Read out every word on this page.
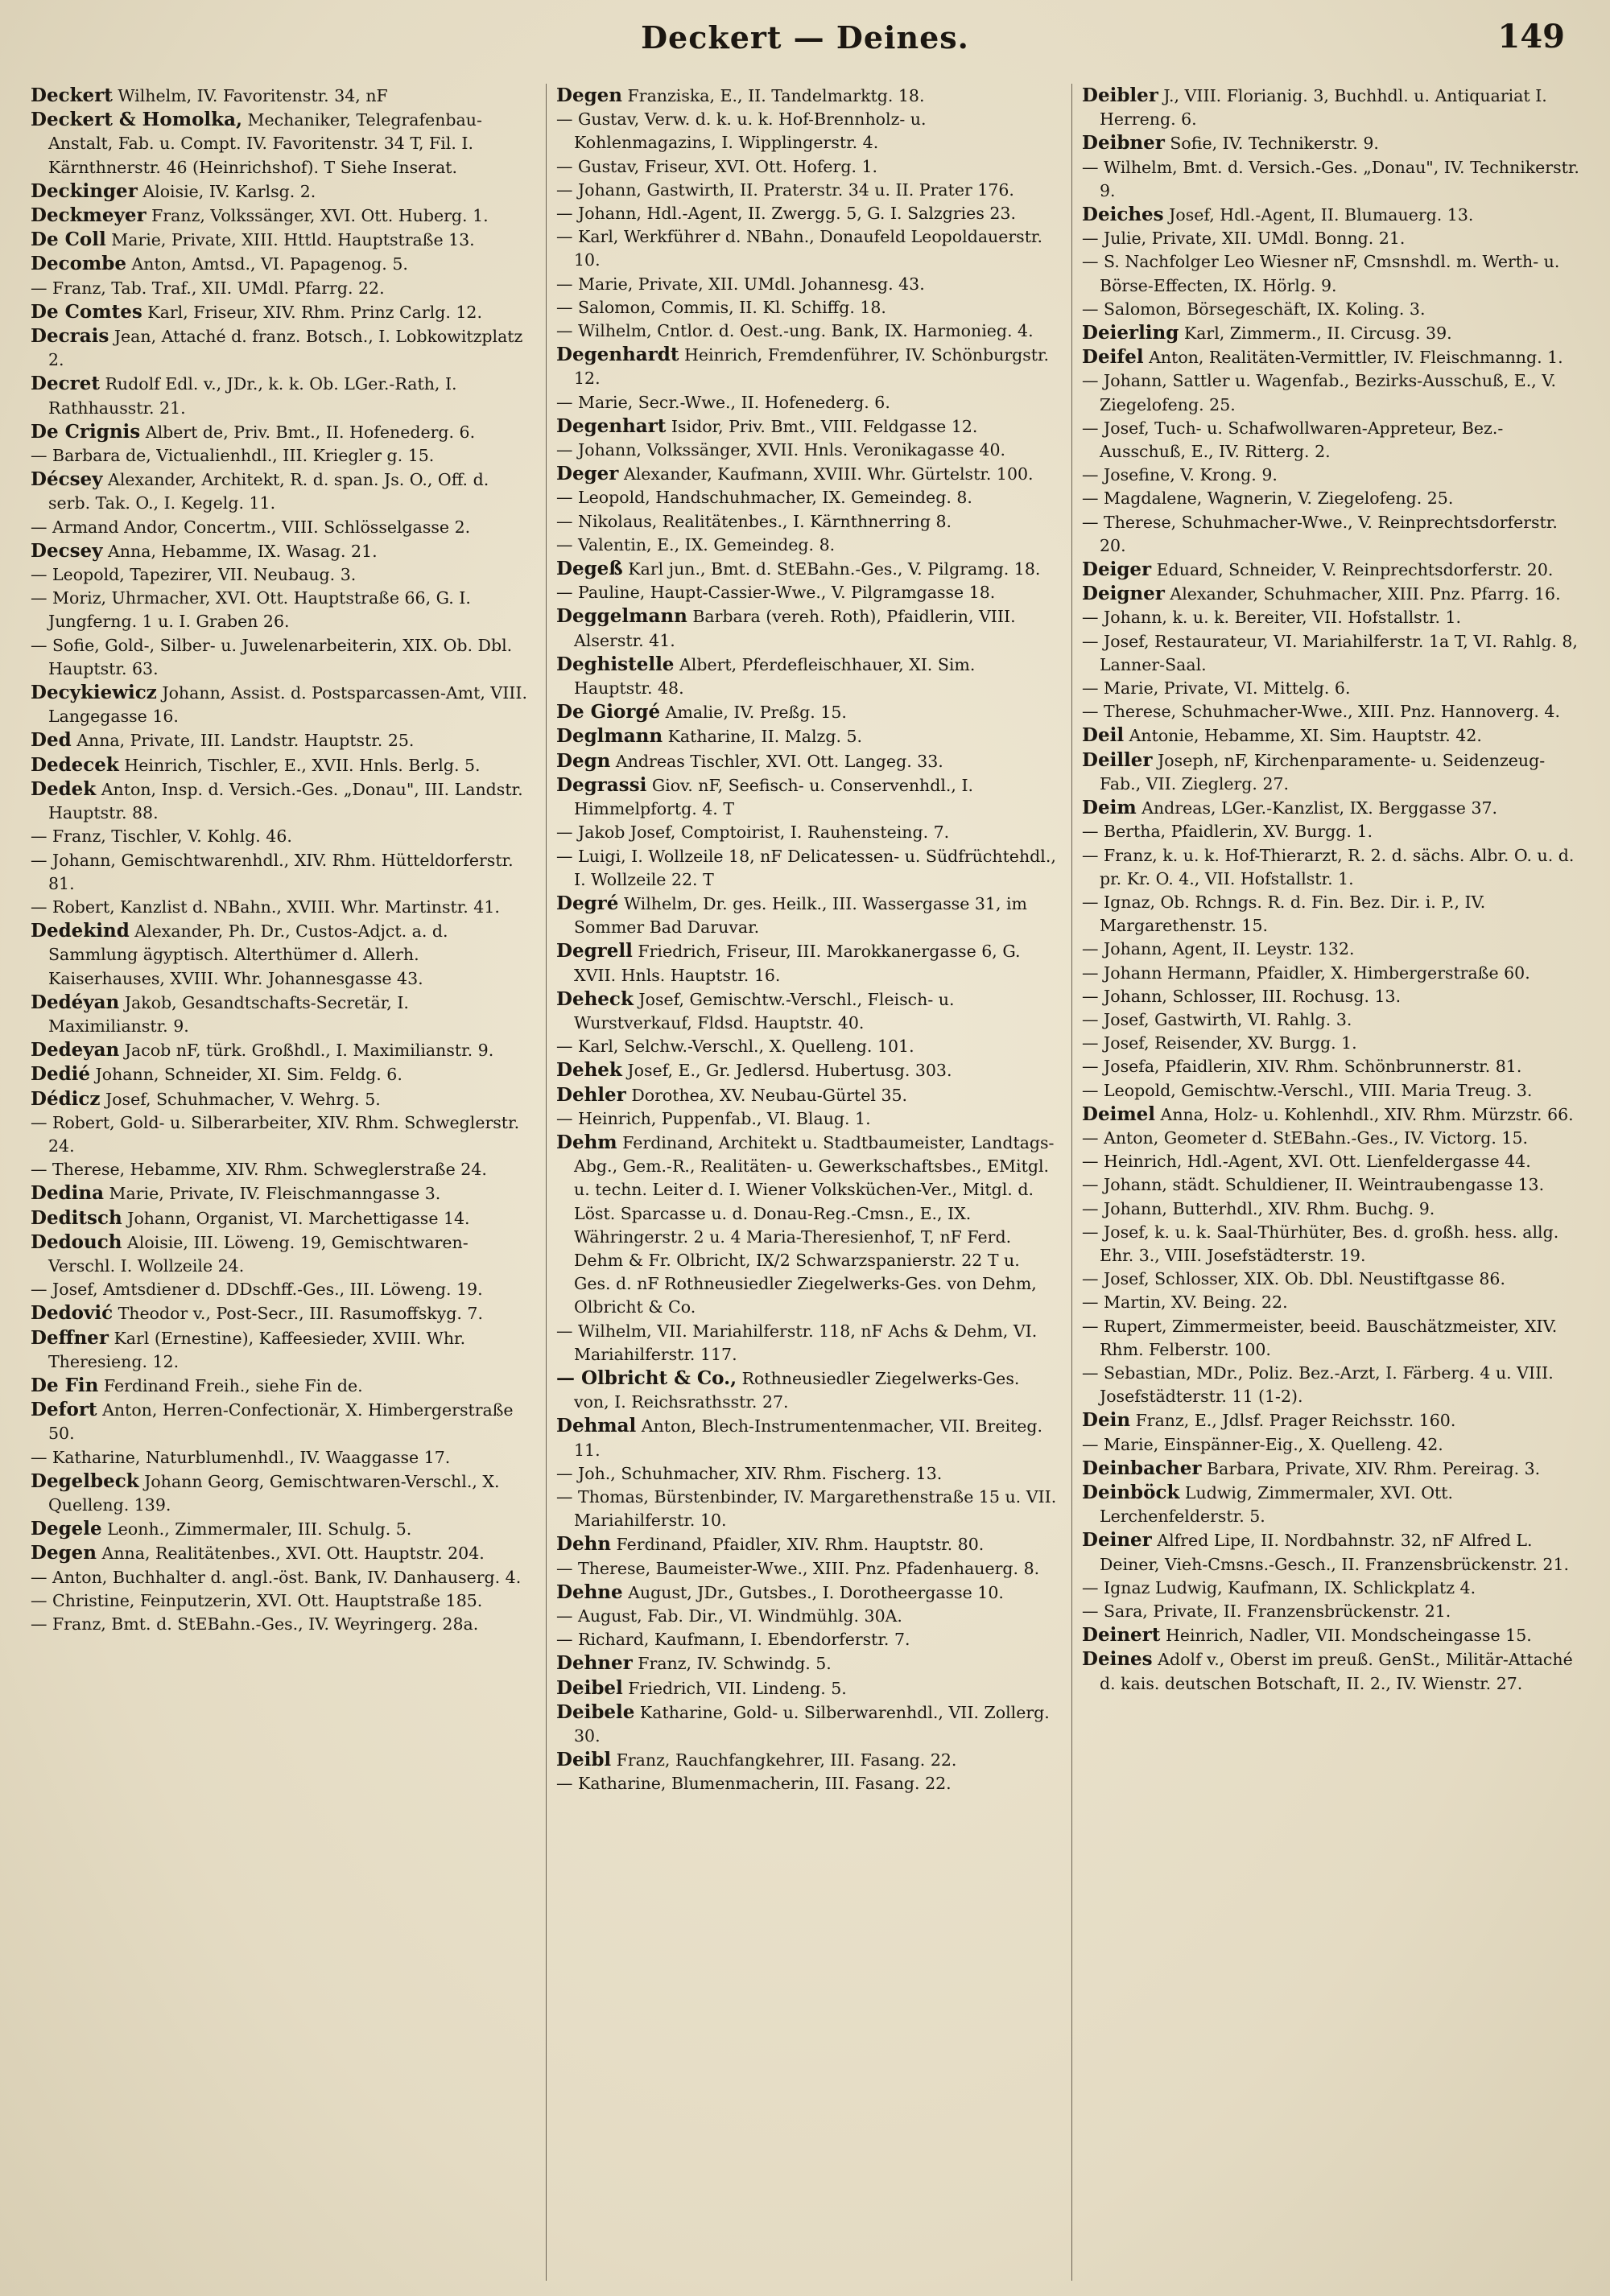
Deckert — Deines.	149

Deckert Wilhelm, IV. Favoritenstr. 34, nF

Deckert & Homolka, Mechaniker, Telegrafenbau-Anstalt, Fab. u. Compt. IV. Favoritenstr. 34 T, Fil. I. Kärnthnerstr. 46 (Heinrichshof). T Siehe Inserat.

Deckinger Aloisie, IV. Karlsg. 2.

Deckmeyer Franz, Volkssänger, XVI. Ott. Huberg. 1.

De Coll Marie, Private, XIII. Httld. Hauptstraße 13.

Decombe Anton, Amtsd., VI. Papagenog. 5.

— Franz, Tab. Traf., XII. UMdl. Pfarrg. 22.

De Comtes Karl, Friseur, XIV. Rhm. Prinz Carlg. 12.

Decrais Jean, Attaché d. franz. Botsch., I. Lobkowitzplatz 2.

Decret Rudolf Edl. v., JDr., k. k. Ob. LGer.-Rath, I. Rathhausstr. 21.

De Crignis Albert de, Priv. Bmt., II. Hofenederg. 6.

— Barbara de, Victualienhdl., III. Kriegler g. 15.

Décsey Alexander, Architekt, R. d. span. Js. O., Off. d. serb. Tak. O., I. Kegelg. 11.

— Armand Andor, Concertm., VIII. Schlösselgasse 2.

Decsey Anna, Hebamme, IX. Wasag. 21.

— Leopold, Tapezirer, VII. Neubaug. 3.

— Moriz, Uhrmacher, XVI. Ott. Hauptstraße 66, G. I. Jungferng. 1 u. I. Graben 26.

— Sofie, Gold-, Silber- u. Juwelenarbeiterin, XIX. Ob. Dbl. Hauptstr. 63.

Decykiewicz Johann, Assist. d. Postsparcassen-Amt, VIII. Langegasse 16.

Ded Anna, Private, III. Landstr. Hauptstr. 25.

Dedecek Heinrich, Tischler, E., XVII. Hnls. Berlg. 5.

Dedek Anton, Insp. d. Versich.-Ges. „Donau", III. Landstr. Hauptstr. 88.

— Franz, Tischler, V. Kohlg. 46.

— Johann, Gemischtwarenhdl., XIV. Rhm. Hütteldorferstr. 81.

— Robert, Kanzlist d. NBahn., XVIII. Whr. Martinstr. 41.

Dedekind Alexander, Ph. Dr., Custos-Adjct. a. d. Sammlung ägyptisch. Alterthümer d. Allerh. Kaiserhauses, XVIII. Whr. Johannesgasse 43.

Dedéyan Jakob, Gesandtschafts-Secretär, I. Maximilianstr. 9.

Dedeyan Jacob nF, türk. Großhdl., I. Maximilianstr. 9.

Dedié Johann, Schneider, XI. Sim. Feldg. 6.

Dédicz Josef, Schuhmacher, V. Wehrg. 5.

— Robert, Gold- u. Silberarbeiter, XIV. Rhm. Schweglerstr. 24.

— Therese, Hebamme, XIV. Rhm. Schweglerstraße 24.

Dedina Marie, Private, IV. Fleischmanngasse 3.

Deditsch Johann, Organist, VI. Marchettigasse 14.

Dedouch Aloisie, III. Löweng. 19, Gemischtwaren-Verschl. I. Wollzeile 24.

— Josef, Amtsdiener d. DDschff.-Ges., III. Löweng. 19.

Dedović Theodor v., Post-Secr., III. Rasumoffskyg. 7.

Deffner Karl (Ernestine), Kaffeesieder, XVIII. Whr. Theresieng. 12.

De Fin Ferdinand Freih., siehe Fin de.

Defort Anton, Herren-Confectionär, X. Himbergerstraße 50.

— Katharine, Naturblumenhdl., IV. Waaggasse 17.

Degelbeck Johann Georg, Gemischtwaren-Verschl., X. Quelleng. 139.

Degele Leonh., Zimmermaler, III. Schulg. 5.

Degen Anna, Realitätenbes., XVI. Ott. Hauptstr. 204.

— Anton, Buchhalter d. angl.-öst. Bank, IV. Danhauserg. 4.

— Christine, Feinputzerin, XVI. Ott. Hauptstraße 185.

— Franz, Bmt. d. StEBahn.-Ges., IV. Weyringerg. 28a.

Degen Franziska, E., II. Tandelmarktg. 18.

— Gustav, Verw. d. k. u. k. Hof-Brennholz- u. Kohlenmagazins, I. Wipplingerstr. 4.

— Gustav, Friseur, XVI. Ott. Hoferg. 1.

— Johann, Gastwirth, II. Praterstr. 34 u. II. Prater 176.

— Johann, Hdl.-Agent, II. Zwergg. 5, G. I. Salzgries 23.

— Karl, Werkführer d. NBahn., Donaufeld Leopoldauerstr. 10.

— Marie, Private, XII. UMdl. Johannesg. 43.

— Salomon, Commis, II. Kl. Schiffg. 18.

— Wilhelm, Cntlor. d. Oest.-ung. Bank, IX. Harmonieg. 4.

Degenhardt Heinrich, Fremdenführer, IV. Schönburgstr. 12.

— Marie, Secr.-Wwe., II. Hofenederg. 6.

Degenhart Isidor, Priv. Bmt., VIII. Feldgasse 12.

— Johann, Volkssänger, XVII. Hnls. Veronikagasse 40.

Deger Alexander, Kaufmann, XVIII. Whr. Gürtelstr. 100.

— Leopold, Handschuhmacher, IX. Gemeindeg. 8.

— Nikolaus, Realitätenbes., I. Kärnthnerring 8.

— Valentin, E., IX. Gemeindeg. 8.

Degeß Karl jun., Bmt. d. StEBahn.-Ges., V. Pilgramg. 18.

— Pauline, Haupt-Cassier-Wwe., V. Pilgramgasse 18.

Deggelmann Barbara (vereh. Roth), Pfaidlerin, VIII. Alserstr. 41.

Deghistelle Albert, Pferdefleischhauer, XI. Sim. Hauptstr. 48.

De Giorgé Amalie, IV. Preßg. 15.

Deglmann Katharine, II. Malzg. 5.

Degn Andreas Tischler, XVI. Ott. Langeg. 33.

Degrassi Giov. nF, Seefisch- u. Conservenhdl., I. Himmelpfortg. 4. T

— Jakob Josef, Comptoirist, I. Rauhensteing. 7.

— Luigi, I. Wollzeile 18, nF Delicatessen- u. Südfrüchtehdl., I. Wollzeile 22. T

Degré Wilhelm, Dr. ges. Heilk., III. Wassergasse 31, im Sommer Bad Daruvar.

Degrell Friedrich, Friseur, III. Marokkanergasse 6, G. XVII. Hnls. Hauptstr. 16.

Deheck Josef, Gemischtw.-Verschl., Fleisch- u. Wurstverkauf, Fldsd. Hauptstr. 40.

— Karl, Selchw.-Verschl., X. Quelleng. 101.

Dehek Josef, E., Gr. Jedlersd. Hubertusg. 303.

Dehler Dorothea, XV. Neubau-Gürtel 35.

— Heinrich, Puppenfab., VI. Blaug. 1.

Dehm Ferdinand, Architekt u. Stadtbaumeister, Landtags-Abg., Gem.-R., Realitäten- u. Gewerkschaftsbes., EMitgl. u. techn. Leiter d. I. Wiener Volksküchen-Ver., Mitgl. d. Löst. Sparcasse u. d. Donau-Reg.-Cmsn., E., IX. Währingerstr. 2 u. 4 Maria-Theresienhof, T, nF Ferd. Dehm & Fr. Olbricht, IX/2 Schwarzspanierstr. 22 T u. Ges. d. nF Rothneusiedler Ziegelwerks-Ges. von Dehm, Olbricht & Co.

— Wilhelm, VII. Mariahilferstr. 118, nF Achs & Dehm, VI. Mariahilferstr. 117.

— Olbricht & Co., Rothneusiedler Ziegelwerks-Ges. von, I. Reichsrathsstr. 27.

Dehmal Anton, Blech-Instrumentenmacher, VII. Breiteg. 11.

— Joh., Schuhmacher, XIV. Rhm. Fischerg. 13.

— Thomas, Bürstenbinder, IV. Margarethenstraße 15 u. VII. Mariahilferstr. 10.

Dehn Ferdinand, Pfaidler, XIV. Rhm. Hauptstr. 80.

— Therese, Baumeister-Wwe., XIII. Pnz. Pfadenhauerg. 8.

Dehne August, JDr., Gutsbes., I. Dorotheergasse 10.

— August, Fab. Dir., VI. Windmühlg. 30A.

— Richard, Kaufmann, I. Ebendorferstr. 7.

Dehner Franz, IV. Schwindg. 5.

Deibel Friedrich, VII. Lindeng. 5.

Deibele Katharine, Gold- u. Silberwarenhdl., VII. Zollerg. 30.

Deibl Franz, Rauchfangkehrer, III. Fasang. 22.

— Katharine, Blumenmacherin, III. Fasang. 22.

Deibler J., VIII. Florianig. 3, Buchhdl. u. Antiquariat I. Herreng. 6.

Deibner Sofie, IV. Technikerstr. 9.

— Wilhelm, Bmt. d. Versich.-Ges. „Donau", IV. Technikerstr. 9.

Deiches Josef, Hdl.-Agent, II. Blumauerg. 13.

— Julie, Private, XII. UMdl. Bonng. 21.

— S. Nachfolger Leo Wiesner nF, Cmsnshdl. m. Werth- u. Börse-Effecten, IX. Hörlg. 9.

— Salomon, Börsegeschäft, IX. Koling. 3.

Deierling Karl, Zimmerm., II. Circusg. 39.

Deifel Anton, Realitäten-Vermittler, IV. Fleischmanng. 1.

— Johann, Sattler u. Wagenfab., Bezirks-Ausschuß, E., V. Ziegelofeng. 25.

— Josef, Tuch- u. Schafwollwaren-Appreteur, Bez.-Ausschuß, E., IV. Ritterg. 2.

— Josefine, V. Krong. 9.

— Magdalene, Wagnerin, V. Ziegelofeng. 25.

— Therese, Schuhmacher-Wwe., V. Reinprechtsdorferstr. 20.

Deiger Eduard, Schneider, V. Reinprechtsdorferstr. 20.

Deigner Alexander, Schuhmacher, XIII. Pnz. Pfarrg. 16.

— Johann, k. u. k. Bereiter, VII. Hofstallstr. 1.

— Josef, Restaurateur, VI. Mariahilferstr. 1a T, VI. Rahlg. 8, Lanner-Saal.

— Marie, Private, VI. Mittelg. 6.

— Therese, Schuhmacher-Wwe., XIII. Pnz. Hannoverg. 4.

Deil Antonie, Hebamme, XI. Sim. Hauptstr. 42.

Deiller Joseph, nF, Kirchenparamente- u. Seidenzeug-Fab., VII. Zieglerg. 27.

Deim Andreas, LGer.-Kanzlist, IX. Berggasse 37.

— Bertha, Pfaidlerin, XV. Burgg. 1.

— Franz, k. u. k. Hof-Thierarzt, R. 2. d. sächs. Albr. O. u. d. pr. Kr. O. 4., VII. Hofstallstr. 1.

— Ignaz, Ob. Rchngs. R. d. Fin. Bez. Dir. i. P., IV. Margarethenstr. 15.

— Johann, Agent, II. Leystr. 132.

— Johann Hermann, Pfaidler, X. Himbergerstraße 60.

— Johann, Schlosser, III. Rochusg. 13.

— Josef, Gastwirth, VI. Rahlg. 3.

— Josef, Reisender, XV. Burgg. 1.

— Josefa, Pfaidlerin, XIV. Rhm. Schönbrunnerstr. 81.

— Leopold, Gemischtw.-Verschl., VIII. Maria Treug. 3.

Deimel Anna, Holz- u. Kohlenhdl., XIV. Rhm. Mürzstr. 66.

— Anton, Geometer d. StEBahn.-Ges., IV. Victorg. 15.

— Heinrich, Hdl.-Agent, XVI. Ott. Lienfeldergasse 44.

— Johann, städt. Schuldiener, II. Weintraubengasse 13.

— Johann, Butterhdl., XIV. Rhm. Buchg. 9.

— Josef, k. u. k. Saal-Thürhüter, Bes. d. großh. hess. allg. Ehr. 3., VIII. Josefstädterstr. 19.

— Josef, Schlosser, XIX. Ob. Dbl. Neustiftgasse 86.

— Martin, XV. Being. 22.

— Rupert, Zimmermeister, beeid. Bauschätzmeister, XIV. Rhm. Felberstr. 100.

— Sebastian, MDr., Poliz. Bez.-Arzt, I. Färberg. 4 u. VIII. Josefstädterstr. 11 (1-2).

Dein Franz, E., Jdlsf. Prager Reichsstr. 160.

— Marie, Einspänner-Eig., X. Quelleng. 42.

Deinbacher Barbara, Private, XIV. Rhm. Pereirag. 3.

Deinböck Ludwig, Zimmermaler, XVI. Ott. Lerchenfelderstr. 5.

Deiner Alfred Lipe, II. Nordbahnstr. 32, nF Alfred L. Deiner, Vieh-Cmsns.-Gesch., II. Franzensbrückenstr. 21.

— Ignaz Ludwig, Kaufmann, IX. Schlickplatz 4.

— Sara, Private, II. Franzensbrückenstr. 21.

Deinert Heinrich, Nadler, VII. Mondscheingasse 15.

Deines Adolf v., Oberst im preuß. GenSt., Militär-Attaché d. kais. deutschen Botschaft, II. 2., IV. Wienstr. 27.
